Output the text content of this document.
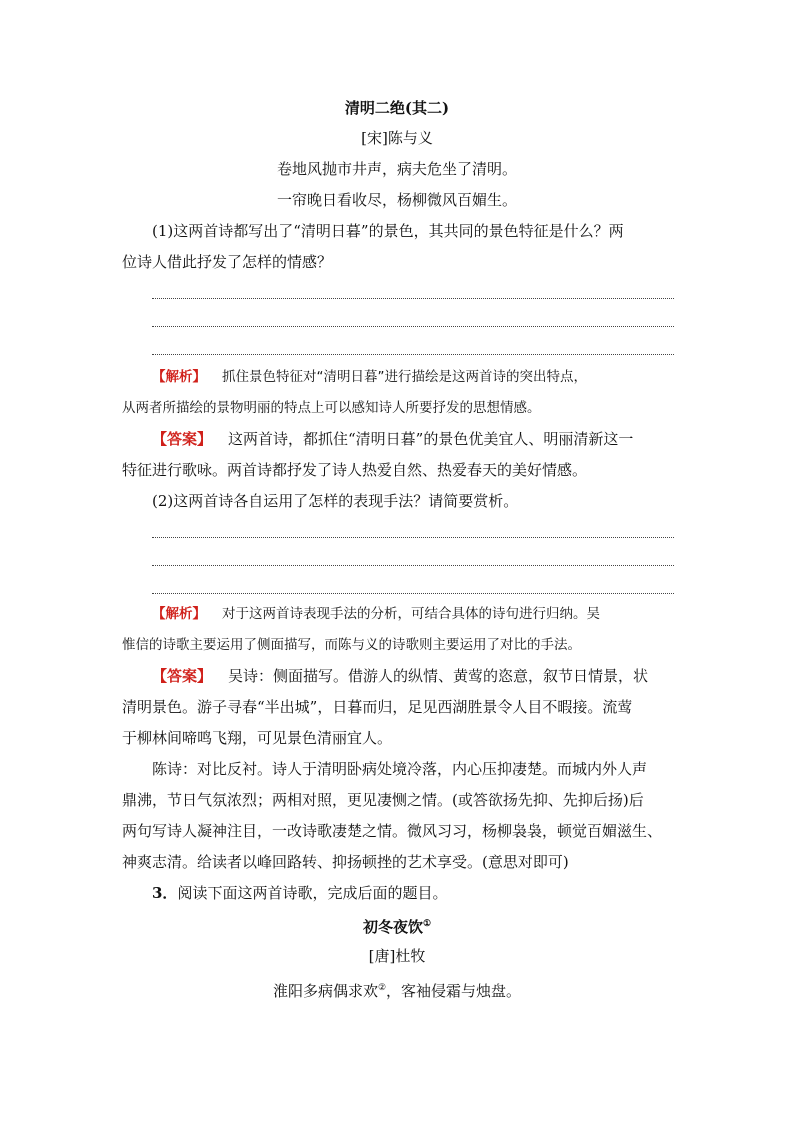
清明二绝(其二)
[宋]陈与义
卷地风抛市井声，病夫危坐了清明。
一帘晚日看收尽，杨柳微风百媚生。
(1)这两首诗都写出了“清明日暮”的景色，其共同的景色特征是什么？两
位诗人借此抒发了怎样的情感？
【解析】 抓住景色特征对“清明日暮”进行描绘是这两首诗的突出特点，
从两者所描绘的景物明丽的特点上可以感知诗人所要抒发的思想情感。
【答案】 这两首诗，都抓住“清明日暮”的景色优美宜人、明丽清新这一
特征进行歌咏。两首诗都抒发了诗人热爱自然、热爱春天的美好情感。
(2)这两首诗各自运用了怎样的表现手法？请简要赏析。
【解析】 对于这两首诗表现手法的分析，可结合具体的诗句进行归纳。吴
惟信的诗歌主要运用了侧面描写，而陈与义的诗歌则主要运用了对比的手法。
【答案】 吴诗：侧面描写。借游人的纵情、黄莺的恣意，叙节日情景，状
清明景色。游子寻春“半出城”，日暮而归，足见西湖胜景令人目不暇接。流莺
于柳林间啼鸣飞翔，可见景色清丽宜人。
陈诗：对比反衬。诗人于清明卧病处境冷落，内心压抑凄楚。而城内外人声
鼎沸，节日气氛浓烈；两相对照，更见凄恻之情。(或答欲扬先抑、先抑后扬)后
两句写诗人凝神注目，一改诗歌凄楚之情。微风习习，杨柳袅袅，顿觉百媚滋生、
神爽志清。给读者以峰回路转、抑扬顿挫的艺术享受。(意思对即可)
3．阅读下面这两首诗歌，完成后面的题目。
初冬夜饮①
[唐]杜牧
淮阳多病偶求欢②，客袖侵霜与烛盘。
